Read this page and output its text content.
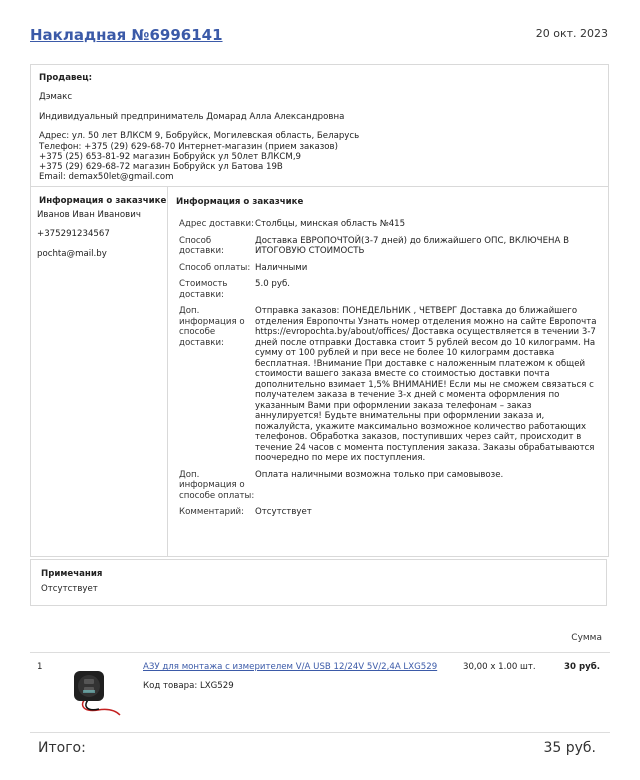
Накладная №6996141	20 окт. 2023
Продавец:
Дэмакс
Индивидуальный предприниматель Домарад Алла Александровна
Адрес: ул. 50 лет ВЛКСМ 9, Бобруйск, Могилевская область, Беларусь
Телефон: +375 (29) 629-68-70 Интернет-магазин (прием заказов)
+375 (25) 653-81-92 магазин Бобруйск ул 50лет ВЛКСМ,9
+375 (29) 629-68-72 магазин Бобруйск ул Батова 19В
Email: demax50let@gmail.com
Информация о заказчике
Иванов Иван Иванович
+375291234567
pochta@mail.by
Информация о заказчике
Адрес доставки: Столбцы, минская область №415
Способ доставки:
Доставка ЕВРОПОЧТОЙ(3-7 дней) до ближайшего ОПС, ВКЛЮЧЕНА В ИТОГОВУЮ СТОИМОСТЬ
Способ оплаты: Наличными
Стоимость доставки:
5.0 руб.
Доп. информация о способе доставки:
Отправка заказов: ПОНЕДЕЛЬНИК , ЧЕТВЕРГ Доставка до ближайшего отделения Европочты Узнать номер отделения можно на сайте Европочта https://evropochta.by/about/offices/ Доставка осуществляется в течении 3-7 дней после отправки Доставка стоит 5 рублей весом до 10 килограмм. На сумму от 100 рублей и при весе не более 10 килограмм доставка бесплатная. !Внимание При доставке с наложенным платежом к общей стоимости вашего заказа вместе со стоимостью доставки почта дополнительно взимает 1,5% ВНИМАНИЕ! Если мы не сможем связаться с получателем заказа в течение 3-х дней с момента оформления по указанным Вами при оформлении заказа телефонам – заказ аннулируется! Будьте внимательны при оформлении заказа и, пожалуйста, укажите максимально возможное количество работающих телефонов. Обработка заказов, поступивших через сайт, происходит в течение 24 часов с момента поступления заказа. Заказы обрабатываются поочередно по мере их поступления.
Доп. информация о способе оплаты:
Оплата наличными возможна только при самовывозе.
Комментарий:	Отсутствует
Примечания
Отсутствует
Сумма
1	АЗУ для монтажа с измерителем V/A USB 12/24V 5V/2,4A LXG529
Код товара: LXG529
30,00 x 1.00 шт.	30 руб.
Итого:	35 руб.
